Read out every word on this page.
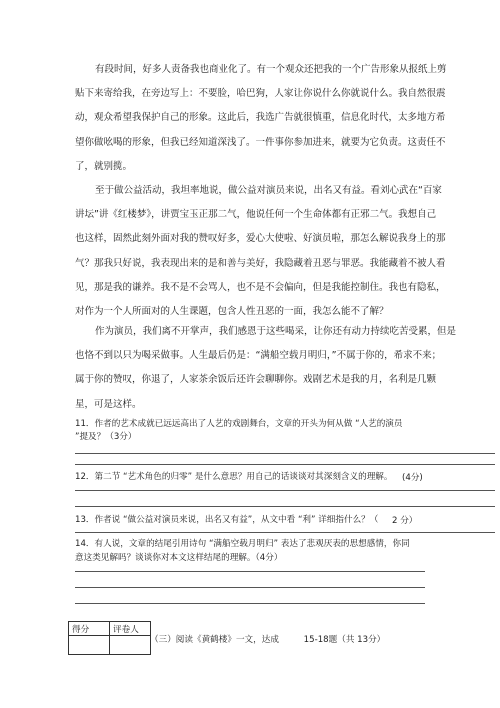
有段时间，好多人责备我也商业化了。有一个观众还把我的一个广告形象从报纸上剪
贴下来寄给我，在旁边写上：不要脸，哈巴狗，人家让你说什么你就说什么。我自然很震
动，观众希望我保护自己的形象。这此后，我选广告就很慎重，信息化时代，太多地方希
望你做吆喝的形象，但我已经知道深浅了。一件事你参加进来，就要为它负责。这责任不
了，就别揽。
至于做公益活动，我坦率地说，做公益对演员来说，出名又有益。看刘心武在“百家
讲坛”讲《红楼梦》，讲贾宝玉正那二气，他说任何一个生命体都有正邪二气。我想自己
也这样，固然此刻外面对我的赞叹好多，爱心大使啦、好演员啦，那怎么解说我身上的那
气？那我只好说，我表现出来的是和善与美好，我隐藏着丑恶与罪恶。我能藏着不被人看
见，那是我的谦养。我不是不会骂人，也不是不会偏向，但是我能控制住。我也有隐私，
对作为一个人所面对的人生课题，包含人性丑恶的一面，我怎么能不了解？
作为演员，我们离不开掌声，我们感恩于这些喝采，让你还有动力持续吃苦受累，但是
也恪不到以只为喝采做事。人生最后仍是：“满船空载月明归，”不属于你的，希求不来；
属于你的赞叹，你退了，人家茶余饭后还许会聊聊你。戏剧艺术是我的月，名利是几颗
星，可是这样。
11．作者的艺术成就已远远高出了人艺的戏剧舞台，文章的开头为何从做 “人艺的演员
”提及？（3分）
12．第二节 “艺术角色的归零” 是什么意思？用自己的话谈谈对其深刻含义的理解。 (4分)
13．作者说 “做公益对演员来说，出名又有益”，从文中看 “利” 详细指什么？（ 2 分）
14．有人说，文章的结尾引用诗句 “满船空载月明归” 表达了悲观厌表的思想感情，你同
意这类见解吗？谈谈你对本文这样结尾的理解。（4分）
得分	评卷人

（三）阅读《黄鹤楼》一文，达成	15-18题（共 13分）
